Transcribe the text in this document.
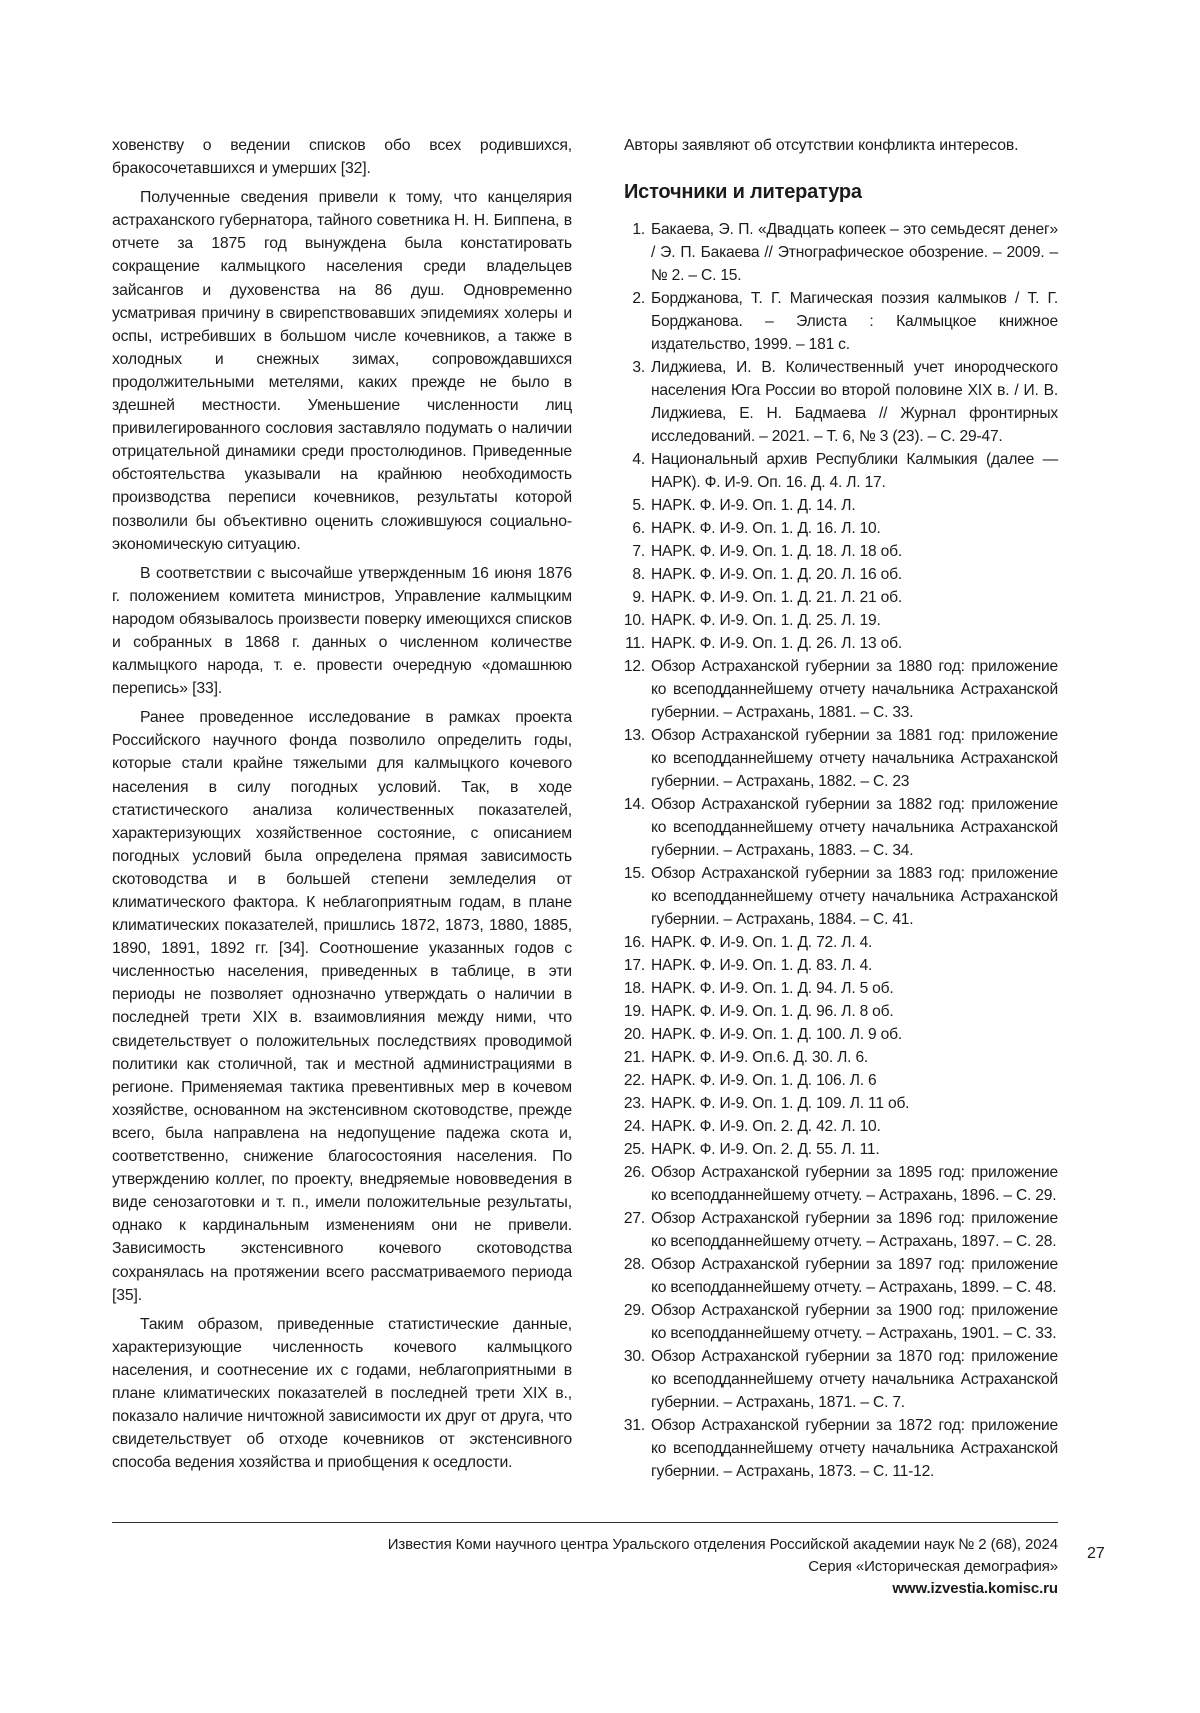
ховенству о ведении списков обо всех родившихся, бракосочетавшихся и умерших [32].

Полученные сведения привели к тому, что канцелярия астраханского губернатора, тайного советника Н. Н. Биппена, в отчете за 1875 год вынуждена была констатировать сокращение калмыцкого населения среди владельцев зайсангов и духовенства на 86 душ. Одновременно усматривая причину в свирепствовавших эпидемиях холеры и оспы, истребивших в большом числе кочевников, а также в холодных и снежных зимах, сопровождавшихся продолжительными метелями, каких прежде не было в здешней местности. Уменьшение численности лиц привилегированного сословия заставляло подумать о наличии отрицательной динамики среди простолюдинов. Приведенные обстоятельства указывали на крайнюю необходимость производства переписи кочевников, результаты которой позволили бы объективно оценить сложившуюся социально-экономическую ситуацию.

В соответствии с высочайше утвержденным 16 июня 1876 г. положением комитета министров, Управление калмыцким народом обязывалось произвести поверку имеющихся списков и собранных в 1868 г. данных о численном количестве калмыцкого народа, т. е. провести очередную «домашнюю перепись» [33].

Ранее проведенное исследование в рамках проекта Российского научного фонда позволило определить годы, которые стали крайне тяжелыми для калмыцкого кочевого населения в силу погодных условий. Так, в ходе статистического анализа количественных показателей, характеризующих хозяйственное состояние, с описанием погодных условий была определена прямая зависимость скотоводства и в большей степени земледелия от климатического фактора. К неблагоприятным годам, в плане климатических показателей, пришлись 1872, 1873, 1880, 1885, 1890, 1891, 1892 гг. [34]. Соотношение указанных годов с численностью населения, приведенных в таблице, в эти периоды не позволяет однозначно утверждать о наличии в последней трети XIX в. взаимовлияния между ними, что свидетельствует о положительных последствиях проводимой политики как столичной, так и местной администрациями в регионе. Применяемая тактика превентивных мер в кочевом хозяйстве, основанном на экстенсивном скотоводстве, прежде всего, была направлена на недопущение падежа скота и, соответственно, снижение благосостояния населения. По утверждению коллег, по проекту, внедряемые нововведения в виде сенозаготовки и т. п., имели положительные результаты, однако к кардинальным изменениям они не привели. Зависимость экстенсивного кочевого скотоводства сохранялась на протяжении всего рассматриваемого периода [35].

Таким образом, приведенные статистические данные, характеризующие численность кочевого калмыцкого населения, и соотнесение их с годами, неблагоприятными в плане климатических показателей в последней трети XIX в., показало наличие ничтожной зависимости их друг от друга, что свидетельствует об отходе кочевников от экстенсивного способа ведения хозяйства и приобщения к оседлости.

Авторы заявляют об отсутствии конфликта интересов.

Источники и литература
1. Бакаева, Э. П. «Двадцать копеек – это семьдесят денег» / Э. П. Бакаева // Этнографическое обозрение. – 2009. – № 2. – С. 15.
2. Борджанова, Т. Г. Магическая поэзия калмыков / Т. Г. Борджанова. – Элиста : Калмыцкое книжное издательство, 1999. – 181 с.
3. Лиджиева, И. В. Количественный учет инородческого населения Юга России во второй половине XIX в. / И. В. Лиджиева, Е. Н. Бадмаева // Журнал фронтирных исследований. – 2021. – Т. 6, № 3 (23). – С. 29-47.
4. Национальный архив Республики Калмыкия (далее — НАРК). Ф. И-9. Оп. 16. Д. 4. Л. 17.
5. НАРК. Ф. И-9. Оп. 1. Д. 14. Л.
6. НАРК. Ф. И-9. Оп. 1. Д. 16. Л. 10.
7. НАРК. Ф. И-9. Оп. 1. Д. 18. Л. 18 об.
8. НАРК. Ф. И-9. Оп. 1. Д. 20. Л. 16 об.
9. НАРК. Ф. И-9. Оп. 1. Д. 21. Л. 21 об.
10. НАРК. Ф. И-9. Оп. 1. Д. 25. Л. 19.
11. НАРК. Ф. И-9. Оп. 1. Д. 26. Л. 13 об.
12. Обзор Астраханской губернии за 1880 год: приложение ко всеподданнейшему отчету начальника Астраханской губернии. – Астрахань, 1881. – С. 33.
13. Обзор Астраханской губернии за 1881 год: приложение ко всеподданнейшему отчету начальника Астраханской губернии. – Астрахань, 1882. – С. 23
14. Обзор Астраханской губернии за 1882 год: приложение ко всеподданнейшему отчету начальника Астраханской губернии. – Астрахань, 1883. – С. 34.
15. Обзор Астраханской губернии за 1883 год: приложение ко всеподданнейшему отчету начальника Астраханской губернии. – Астрахань, 1884. – С. 41.
16. НАРК. Ф. И-9. Оп. 1. Д. 72. Л. 4.
17. НАРК. Ф. И-9. Оп. 1. Д. 83. Л. 4.
18. НАРК. Ф. И-9. Оп. 1. Д. 94. Л. 5 об.
19. НАРК. Ф. И-9. Оп. 1. Д. 96. Л. 8 об.
20. НАРК. Ф. И-9. Оп. 1. Д. 100. Л. 9 об.
21. НАРК. Ф. И-9. Оп.6. Д. 30. Л. 6.
22. НАРК. Ф. И-9. Оп. 1. Д. 106. Л. 6
23. НАРК. Ф. И-9. Оп. 1. Д. 109. Л. 11 об.
24. НАРК. Ф. И-9. Оп. 2. Д. 42. Л. 10.
25. НАРК. Ф. И-9. Оп. 2. Д. 55. Л. 11.
26. Обзор Астраханской губернии за 1895 год: приложение ко всеподданнейшему отчету. – Астрахань, 1896. – С. 29.
27. Обзор Астраханской губернии за 1896 год: приложение ко всеподданнейшему отчету. – Астрахань, 1897. – С. 28.
28. Обзор Астраханской губернии за 1897 год: приложение ко всеподданнейшему отчету. – Астрахань, 1899. – С. 48.
29. Обзор Астраханской губернии за 1900 год: приложение ко всеподданнейшему отчету. – Астрахань, 1901. – С. 33.
30. Обзор Астраханской губернии за 1870 год: приложение ко всеподданнейшему отчету начальника Астраханской губернии. – Астрахань, 1871. – С. 7.
31. Обзор Астраханской губернии за 1872 год: приложение ко всеподданнейшему отчету начальника Астраханской губернии. – Астрахань, 1873. – С. 11-12.
Известия Коми научного центра Уральского отделения Российской академии наук № 2 (68), 2024
Серия «Историческая демография»
www.izvestia.komisc.ru
27
